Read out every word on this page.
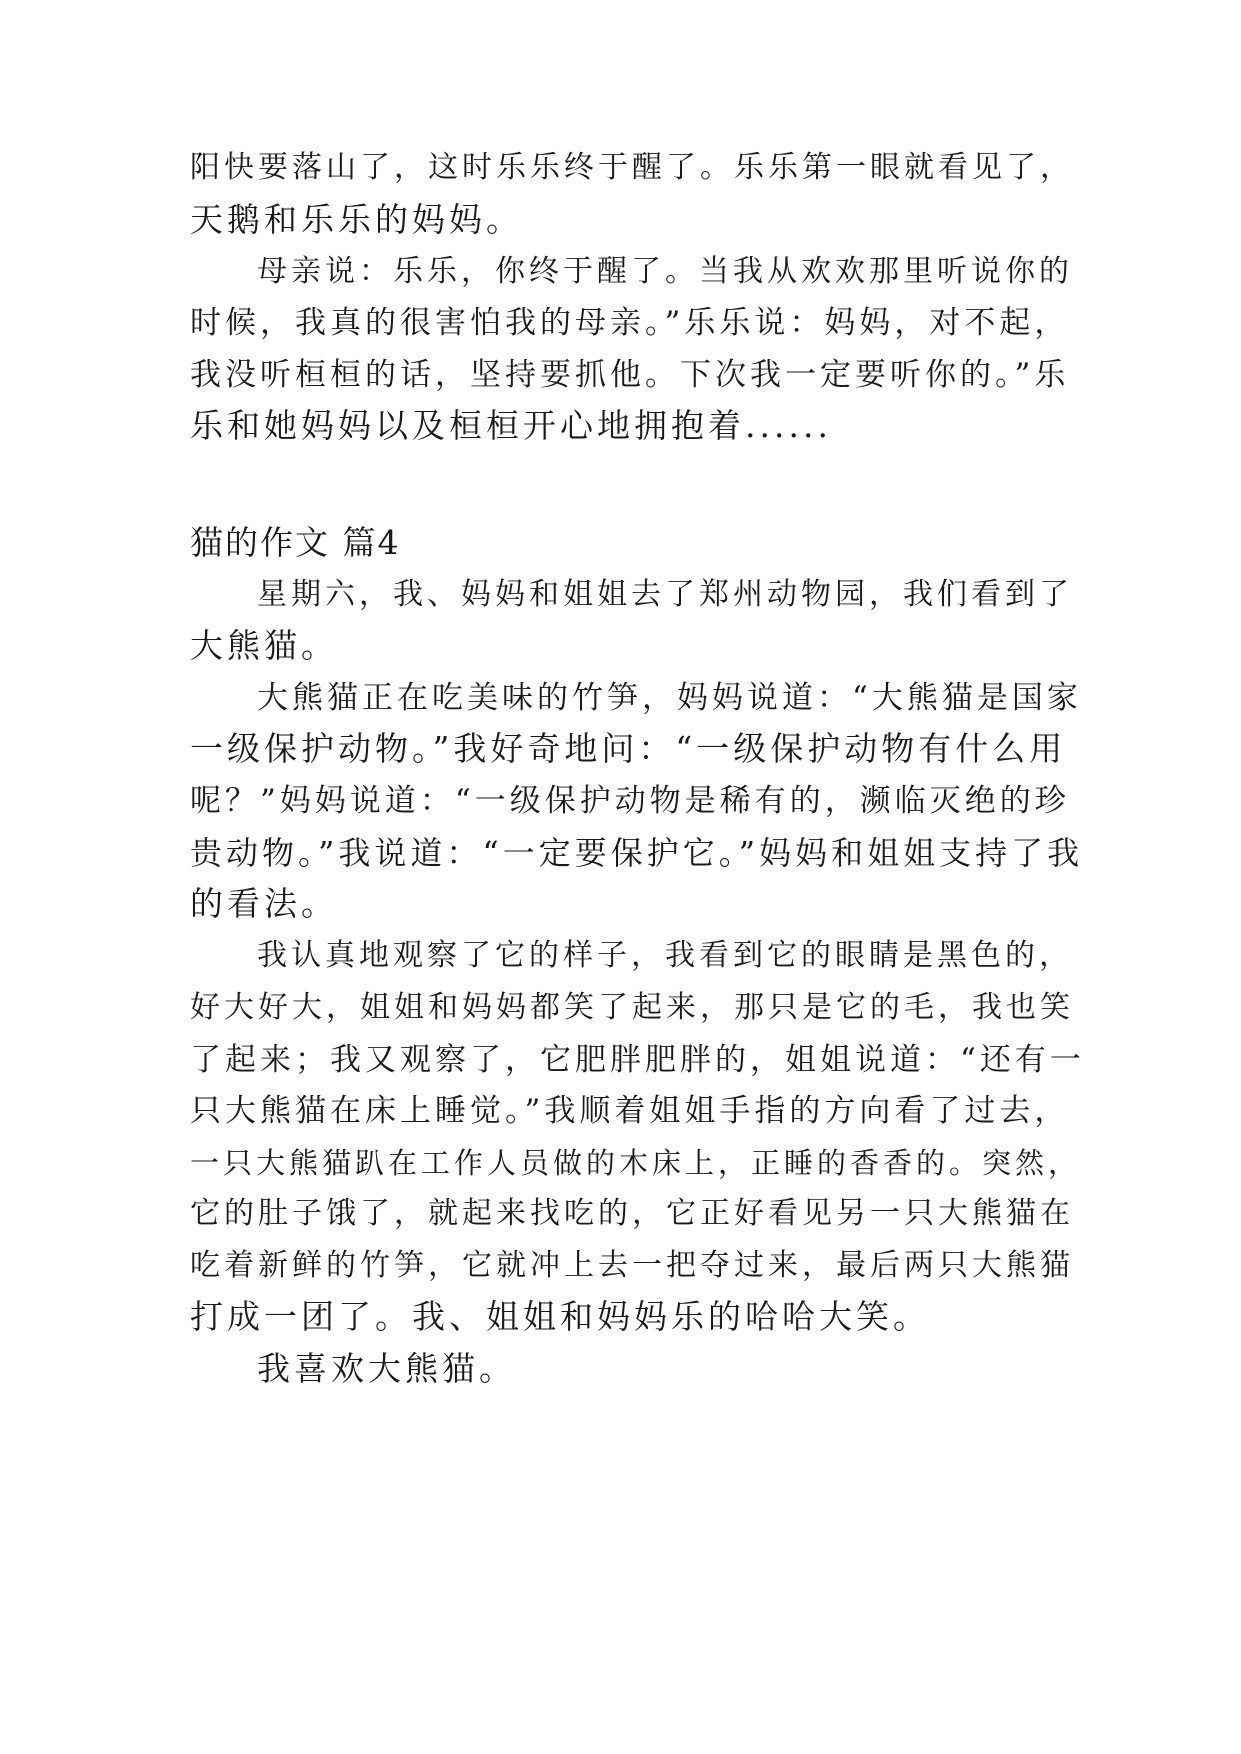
阳快要落山了，这时乐乐终于醒了。乐乐第一眼就看见了，
天鹅和乐乐的妈妈。
母亲说：乐乐，你终于醒了。当我从欢欢那里听说你的
时候，我真的很害怕我的母亲。”乐乐说：妈妈，对不起，
我没听桓桓的话，坚持要抓他。下次我一定要听你的。”乐
乐和她妈妈以及桓桓开心地拥抱着......
猫的作文 篇4
星期六，我、妈妈和姐姐去了郑州动物园，我们看到了
大熊猫。
大熊猫正在吃美味的竹笋，妈妈说道：“大熊猫是国家
一级保护动物。”我好奇地问：“一级保护动物有什么用
呢？”妈妈说道：“一级保护动物是稀有的，濒临灭绝的珍
贵动物。”我说道：“一定要保护它。”妈妈和姐姐支持了我
的看法。
我认真地观察了它的样子，我看到它的眼睛是黑色的，
好大好大，姐姐和妈妈都笑了起来，那只是它的毛，我也笑
了起来；我又观察了，它肥胖肥胖的，姐姐说道：“还有一
只大熊猫在床上睡觉。”我顺着姐姐手指的方向看了过去，
一只大熊猫趴在工作人员做的木床上，正睡的香香的。突然，
它的肚子饿了，就起来找吃的，它正好看见另一只大熊猫在
吃着新鲜的竹笋，它就冲上去一把夺过来，最后两只大熊猫
打成一团了。我、姐姐和妈妈乐的哈哈大笑。
我喜欢大熊猫。
